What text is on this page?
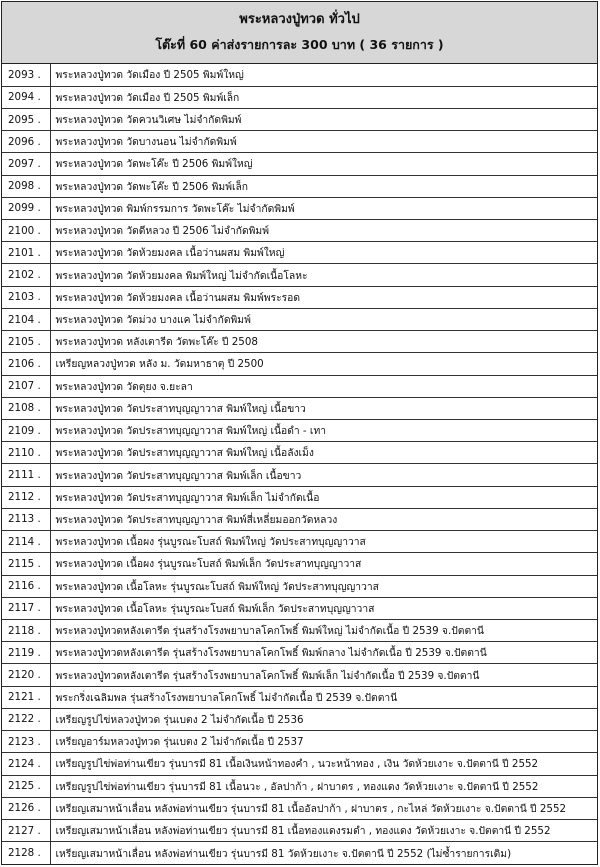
พระหลวงปู่ทวด ทั่วไป
โต๊ะที่ 60 ค่าส่งรายการละ 300 บาท ( 36 รายการ )
2093 .	พระหลวงปู่ทวด วัดเมือง ปี 2505 พิมพ์ใหญ่
2094 .	พระหลวงปู่ทวด วัดเมือง ปี 2505 พิมพ์เล็ก
2095 .	พระหลวงปู่ทวด วัดควนวิเศษ ไม่จำกัดพิมพ์
2096 .	พระหลวงปู่ทวด วัดบางนอน ไม่จำกัดพิมพ์
2097 .	พระหลวงปู่ทวด วัดพะโค๊ะ ปี 2506 พิมพ์ใหญ่
2098 .	พระหลวงปู่ทวด วัดพะโค๊ะ ปี 2506 พิมพ์เล็ก
2099 .	พระหลวงปู่ทวด พิมพ์กรรมการ วัดพะโค๊ะ ไม่จำกัดพิมพ์
2100 .	พระหลวงปู่ทวด วัดดีหลวง ปี 2506 ไม่จำกัดพิมพ์
2101 .	พระหลวงปู่ทวด วัดห้วยมงคล เนื้อว่านผสม พิมพ์ใหญ่
2102 .	พระหลวงปู่ทวด วัดห้วยมงคล พิมพ์ใหญ่ ไม่จำกัดเนื้อโลหะ
2103 .	พระหลวงปู่ทวด วัดห้วยมงคล เนื้อว่านผสม พิมพ์พระรอด
2104 .	พระหลวงปู่ทวด วัดม่วง บางแค ไม่จำกัดพิมพ์
2105 .	พระหลวงปู่ทวด หลังเตารีด วัดพะโค๊ะ ปี 2508
2106 .	เหรียญหลวงปู่ทวด หลัง ม. วัดมหาธาตุ ปี 2500
2107 .	พระหลวงปู่ทวด วัดตุยง จ.ยะลา
2108 .	พระหลวงปู่ทวด วัดประสาทบุญญาวาส พิมพ์ใหญ่ เนื้อขาว
2109 .	พระหลวงปู่ทวด วัดประสาทบุญญาวาส พิมพ์ใหญ่ เนื้อดำ - เทา
2110 .	พระหลวงปู่ทวด วัดประสาทบุญญาวาส พิมพ์ใหญ่ เนื้อลังเม็ง
2111 .	พระหลวงปู่ทวด วัดประสาทบุญญาวาส พิมพ์เล็ก เนื้อขาว
2112 .	พระหลวงปู่ทวด วัดประสาทบุญญาวาส พิมพ์เล็ก ไม่จำกัดเนื้อ
2113 .	พระหลวงปู่ทวด วัดประสาทบุญญาวาส พิมพ์สี่เหลี่ยมออกวัดหลวง
2114 .	พระหลวงปู่ทวด เนื้อผง รุ่นบูรณะโบสถ์ พิมพ์ใหญ่ วัดประสาทบุญญาวาส
2115 .	พระหลวงปู่ทวด เนื้อผง รุ่นบูรณะโบสถ์ พิมพ์เล็ก วัดประสาทบุญญาวาส
2116 .	พระหลวงปู่ทวด เนื้อโลหะ รุ่นบูรณะโบสถ์ พิมพ์ใหญ่ วัดประสาทบุญญาวาส
2117 .	พระหลวงปู่ทวด เนื้อโลหะ รุ่นบูรณะโบสถ์ พิมพ์เล็ก วัดประสาทบุญญาวาส
2118 .	พระหลวงปู่ทวดหลังเตารีด รุ่นสร้างโรงพยาบาลโคกโพธิ์ พิมพ์ใหญ่ ไม่จำกัดเนื้อ ปี 2539 จ.ปัตตานี
2119 .	พระหลวงปู่ทวดหลังเตารีด รุ่นสร้างโรงพยาบาลโคกโพธิ์ พิมพ์กลาง ไม่จำกัดเนื้อ ปี 2539 จ.ปัตตานี
2120 .	พระหลวงปู่ทวดหลังเตารีด รุ่นสร้างโรงพยาบาลโคกโพธิ์ พิมพ์เล็ก ไม่จำกัดเนื้อ ปี 2539 จ.ปัตตานี
2121 .	พระกริ่งเฉลิมพล รุ่นสร้างโรงพยาบาลโคกโพธิ์ ไม่จำกัดเนื้อ ปี 2539 จ.ปัตตานี
2122 .	เหรียญรูปไข่หลวงปู่ทวด รุ่นเบตง 2 ไม่จำกัดเนื้อ ปี 2536
2123 .	เหรียญอาร์มหลวงปู่ทวด รุ่นเบตง 2 ไม่จำกัดเนื้อ ปี 2537
2124 .	เหรียญรูปไข่พ่อท่านเขียว รุ่นบารมี 81 เนื้อเงินหน้าทองคำ , นวะหน้าทอง , เงิน วัดห้วยเงาะ จ.ปัตตานี ปี 2552
2125 .	เหรียญรูปไข่พ่อท่านเขียว รุ่นบารมี 81 เนื้อนวะ , อัลปาก้า , ฝาบาตร , ทองแดง วัดห้วยเงาะ จ.ปัตตานี ปี 2552
2126 .	เหรียญเสมาหน้าเลื่อน หลังพ่อท่านเขียว รุ่นบารมี 81 เนื้ออัลปาก้า , ฝาบาตร , กะไหล่ วัดห้วยเงาะ จ.ปัตตานี ปี 2552
2127 .	เหรียญเสมาหน้าเลื่อน หลังพ่อท่านเขียว รุ่นบารมี 81 เนื้อทองแดงรมดำ , ทองแดง วัดห้วยเงาะ จ.ปัตตานี ปี 2552
2128 .	เหรียญเสมาหน้าเลื่อน หลังพ่อท่านเขียว รุ่นบารมี 81 วัดห้วยเงาะ จ.ปัตตานี ปี 2552 (ไม่ซ้ำรายการเดิม)
